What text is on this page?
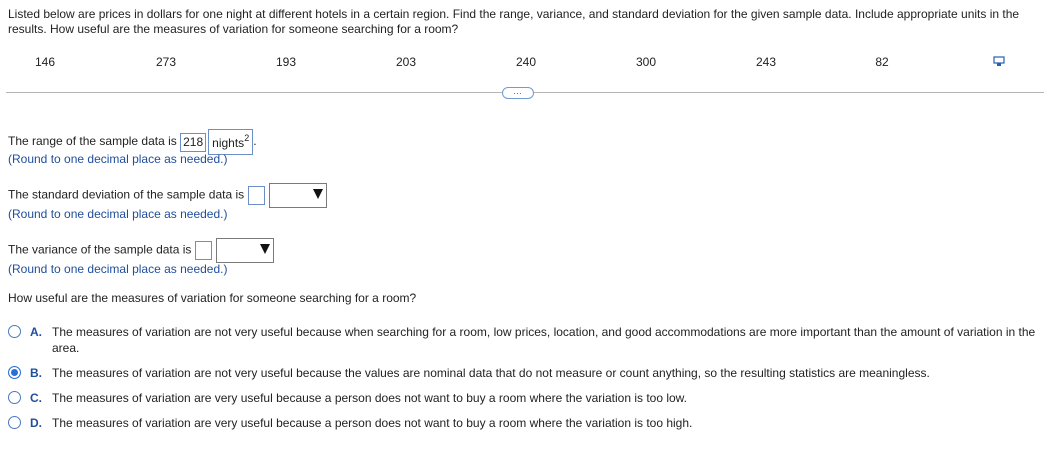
Listed below are prices in dollars for one night at different hotels in a certain region. Find the range, variance, and standard deviation for the given sample data. Include appropriate units in the results. How useful are the measures of variation for someone searching for a room?
146	273	193	203	240	300	243	82
…
The range of the sample data is 218 nights$^2$ .
(Round to one decimal place as needed.)
The standard deviation of the sample data is
(Round to one decimal place as needed.)
The variance of the sample data is
(Round to one decimal place as needed.)
How useful are the measures of variation for someone searching for a room?
A. The measures of variation are not very useful because when searching for a room, low prices, location, and good accommodations are more important than the amount of variation in the area.
B. The measures of variation are not very useful because the values are nominal data that do not measure or count anything, so the resulting statistics are meaningless.
C. The measures of variation are very useful because a person does not want to buy a room where the variation is too low.
D. The measures of variation are very useful because a person does not want to buy a room where the variation is too high.
